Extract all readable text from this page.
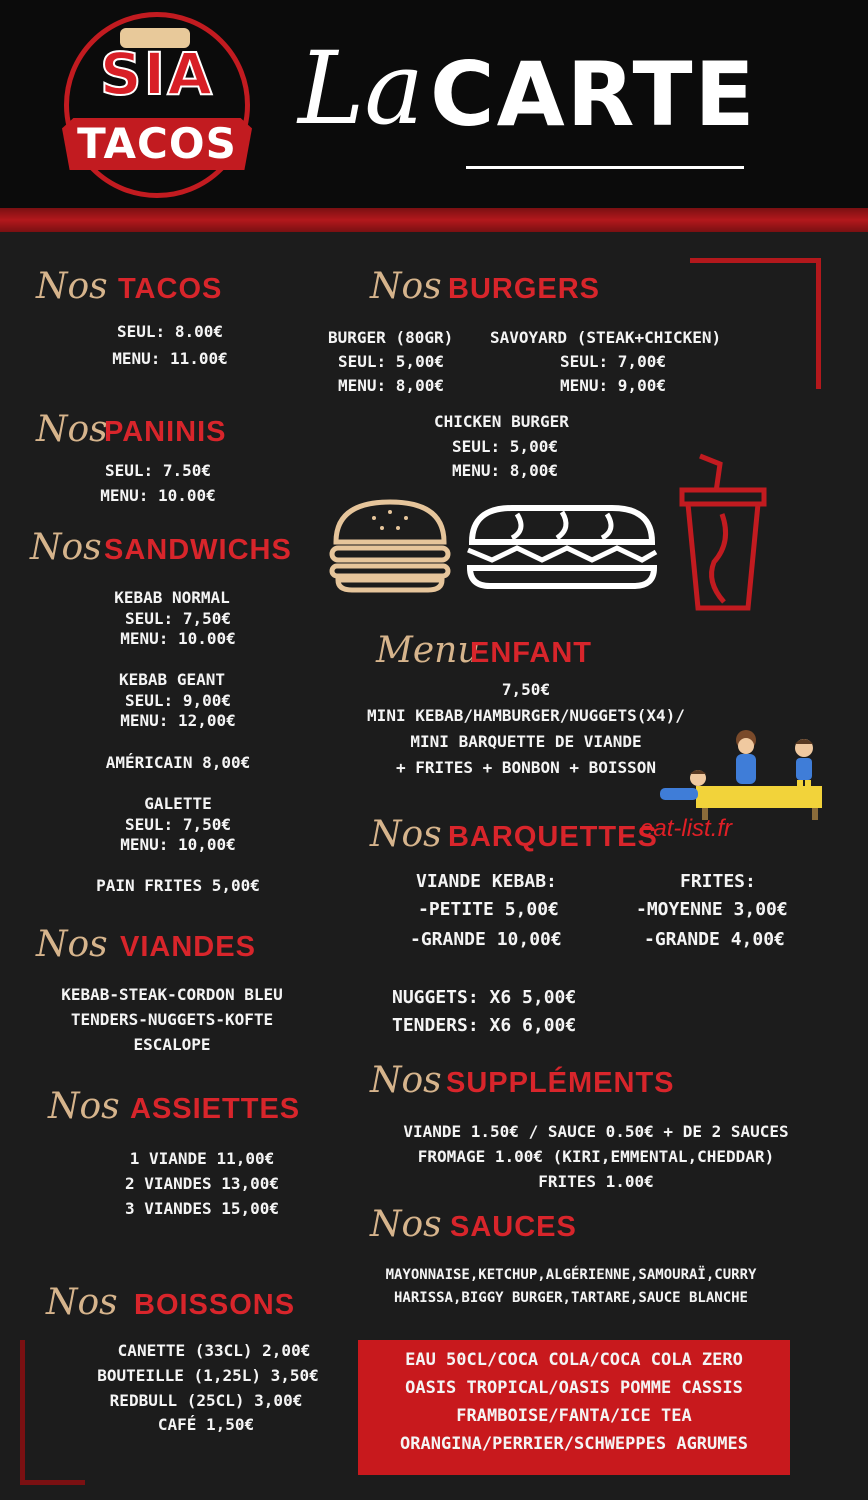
SIA
TACOS La CARTE
Nos TACOS
SEUL: 8.00€
MENU: 11.00€
Nos
PANINIS
SEUL: 7.50€
MENU: 10.00€
Nos SANDWICHS
KEBAB NORMAL
SEUL: 7,50€
MENU: 10.00€
KEBAB GEANT
SEUL: 9,00€
MENU: 12,00€
AMÉRICAIN 8,00€
GALETTE
SEUL: 7,50€
MENU: 10,00€
PAIN FRITES 5,00€
Nos VIANDES
KEBAB-STEAK-CORDON BLEU
TENDERS-NUGGETS-KOFTE
ESCALOPE
Nos ASSIETTES
1 VIANDE 11,00€
2 VIANDES 13,00€
3 VIANDES 15,00€
Nos BOISSONS
CANETTE (33CL) 2,00€
BOUTEILLE (1,25L) 3,50€
REDBULL (25CL) 3,00€
CAFÉ 1,50€
Nos BURGERS
BURGER (80GR)
SEUL: 5,00€
MENU: 8,00€
SAVOYARD (STEAK+CHICKEN)
SEUL: 7,00€
MENU: 9,00€
CHICKEN BURGER
SEUL: 5,00€
MENU: 8,00€
Menu
ENFANT
7,50€
MINI KEBAB/HAMBURGER/NUGGETS(X4)/
MINI BARQUETTE DE VIANDE
+ FRITES + BONBON + BOISSON
Nos BARQUETTES
eat-list.fr
VIANDE KEBAB:
-PETITE 5,00€
-GRANDE 10,00€
FRITES:
-MOYENNE 3,00€
-GRANDE 4,00€
NUGGETS: X6 5,00€
TENDERS: X6 6,00€
Nos SUPPLÉMENTS
VIANDE 1.50€ / SAUCE 0.50€ + DE 2 SAUCES
FROMAGE 1.00€ (KIRI,EMMENTAL,CHEDDAR)
FRITES 1.00€
Nos SAUCES
MAYONNAISE,KETCHUP,ALGÉRIENNE,SAMOURAÏ,CURRY
HARISSA,BIGGY BURGER,TARTARE,SAUCE BLANCHE
EAU 50CL/COCA COLA/COCA COLA ZERO
OASIS TROPICAL/OASIS POMME CASSIS
FRAMBOISE/FANTA/ICE TEA
ORANGINA/PERRIER/SCHWEPPES AGRUMES
